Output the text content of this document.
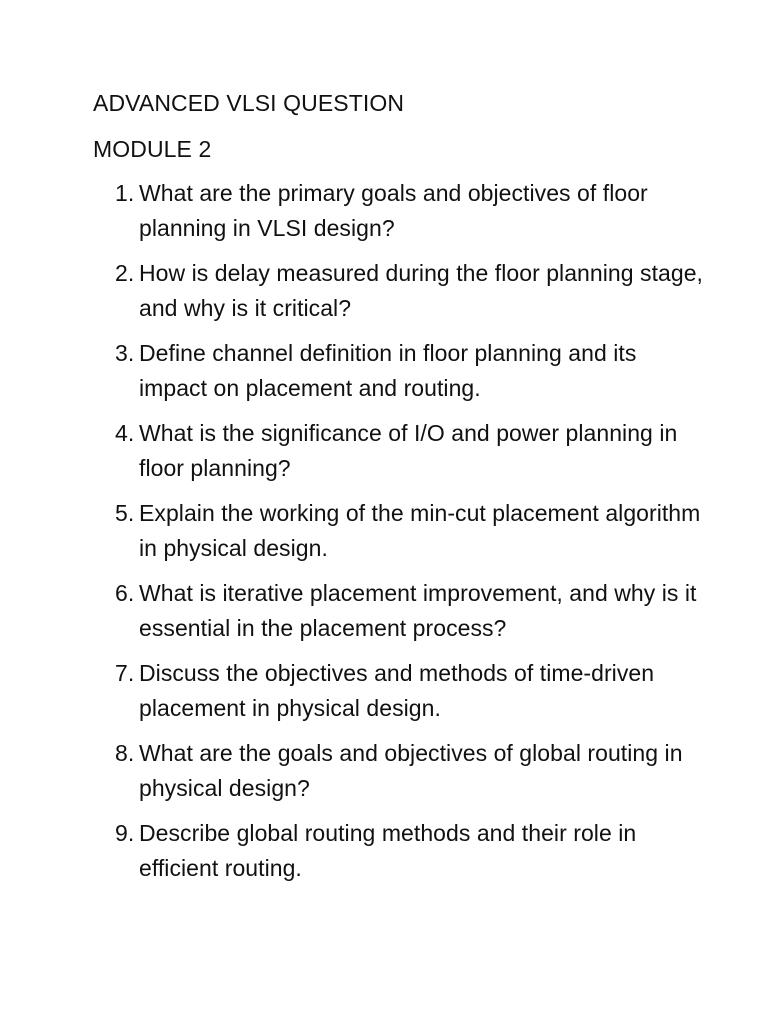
ADVANCED VLSI QUESTION
MODULE 2
1. What are the primary goals and objectives of floor planning in VLSI design?
2. How is delay measured during the floor planning stage, and why is it critical?
3. Define channel definition in floor planning and its impact on placement and routing.
4. What is the significance of I/O and power planning in floor planning?
5. Explain the working of the min-cut placement algorithm in physical design.
6. What is iterative placement improvement, and why is it essential in the placement process?
7. Discuss the objectives and methods of time-driven placement in physical design.
8. What are the goals and objectives of global routing in physical design?
9. Describe global routing methods and their role in efficient routing.
